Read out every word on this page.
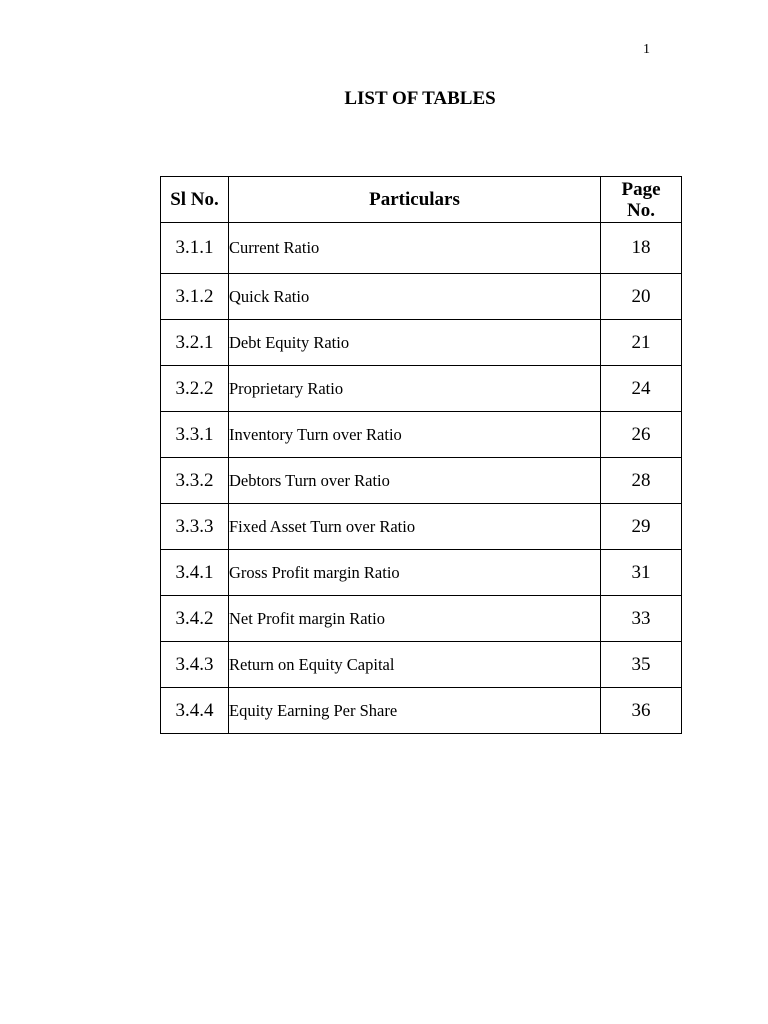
1
LIST OF TABLES
Sl No.	Particulars	Page
No.
3.1.1	Current Ratio	18
3.1.2	Quick Ratio	20
3.2.1	Debt Equity Ratio	21
3.2.2	Proprietary Ratio	24
3.3.1	Inventory Turn over Ratio	26
3.3.2	Debtors Turn over Ratio	28
3.3.3	Fixed Asset Turn over Ratio	29
3.4.1	Gross Profit margin Ratio	31
3.4.2	Net Profit margin Ratio	33
3.4.3	Return on Equity Capital	35
3.4.4	Equity Earning Per Share	36
